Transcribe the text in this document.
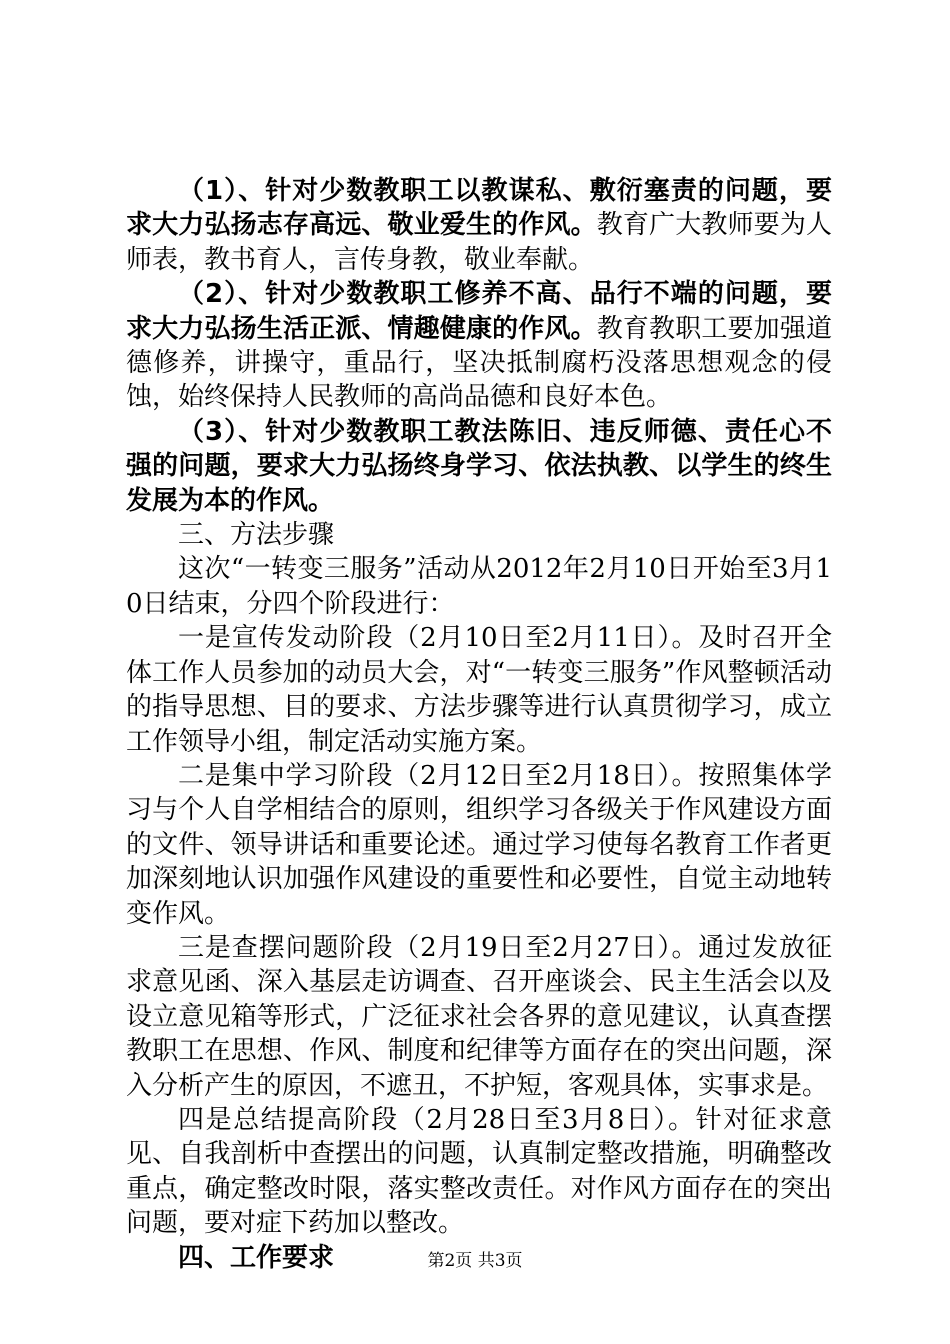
（1）、针对少数教职工以教谋私、敷衍塞责的问题，要求大力弘扬志存高远、敬业爱生的作风。教育广大教师要为人师表，教书育人，言传身教，敬业奉献。

（2）、针对少数教职工修养不高、品行不端的问题，要求大力弘扬生活正派、情趣健康的作风。教育教职工要加强道德修养，讲操守，重品行，坚决抵制腐朽没落思想观念的侵蚀，始终保持人民教师的高尚品德和良好本色。

（3）、针对少数教职工教法陈旧、违反师德、责任心不强的问题，要求大力弘扬终身学习、依法执教、以学生的终生发展为本的作风。

三、方法步骤

这次“一转变三服务”活动从2012年2月10日开始至3月10日结束，分四个阶段进行：

一是宣传发动阶段（2月10日至2月11日）。及时召开全体工作人员参加的动员大会，对“一转变三服务”作风整顿活动的指导思想、目的要求、方法步骤等进行认真贯彻学习，成立工作领导小组，制定活动实施方案。

二是集中学习阶段（2月12日至2月18日）。按照集体学习与个人自学相结合的原则，组织学习各级关于作风建设方面的文件、领导讲话和重要论述。通过学习使每名教育工作者更加深刻地认识加强作风建设的重要性和必要性，自觉主动地转变作风。

三是查摆问题阶段（2月19日至2月27日）。通过发放征求意见函、深入基层走访调查、召开座谈会、民主生活会以及设立意见箱等形式，广泛征求社会各界的意见建议，认真查摆教职工在思想、作风、制度和纪律等方面存在的突出问题，深入分析产生的原因，不遮丑，不护短，客观具体，实事求是。

四是总结提高阶段（2月28日至3月8日）。针对征求意见、自我剖析中查摆出的问题，认真制定整改措施，明确整改重点，确定整改时限，落实整改责任。对作风方面存在的突出问题，要对症下药加以整改。

四、工作要求	第2页 共3页
